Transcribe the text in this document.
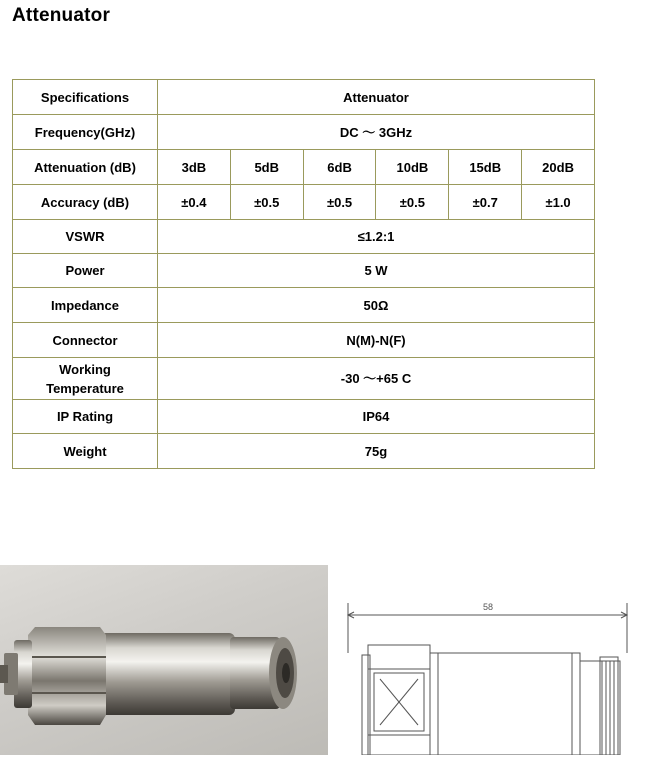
Attenuator
Specifications	Attenuator					
Frequency(GHz)	DC ～ 3GHz					
Attenuation (dB)	3dB	5dB	6dB	10dB	15dB	20dB
Accuracy (dB)	±0.4	±0.5	±0.5	±0.5	±0.7	±1.0
VSWR	≤1.2:1					
Power	5 W					
Impedance	50Ω					
Connector	N(M)-N(F)					
Working
Temperature	-30 ～+65 C					
IP Rating	IP64					
Weight	75g					
58
